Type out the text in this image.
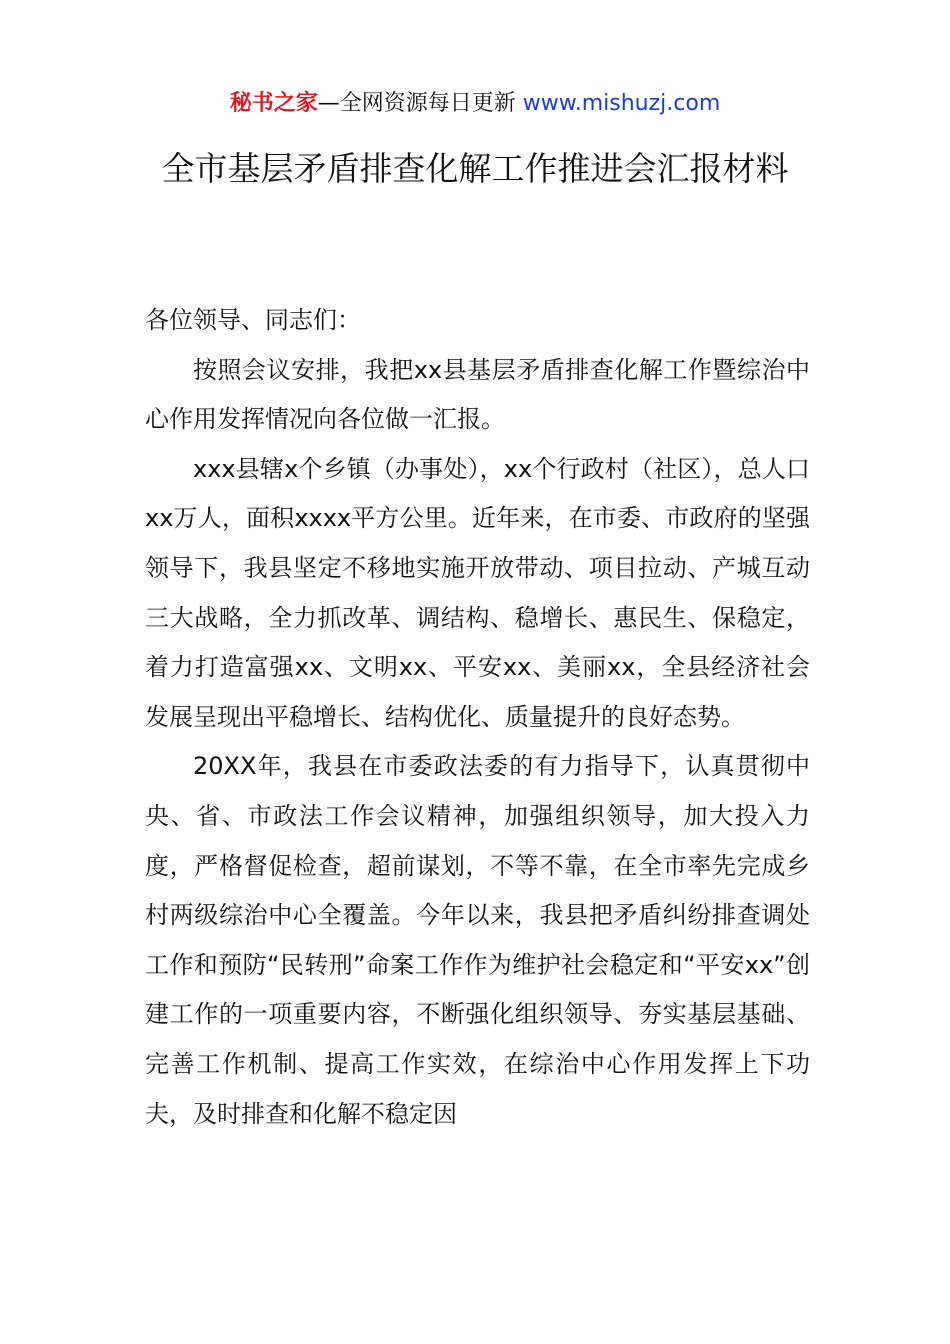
秘书之家—全网资源每日更新 www.mishuzj.com
全市基层矛盾排查化解工作推进会汇报材料

各位领导、同志们：

按照会议安排，我把xx县基层矛盾排查化解工作暨综治中心作用发挥情况向各位做一汇报。

xxx县辖x个乡镇（办事处），xx个行政村（社区），总人口xx万人，面积xxxx平方公里。近年来，在市委、市政府的坚强领导下，我县坚定不移地实施开放带动、项目拉动、产城互动三大战略，全力抓改革、调结构、稳增长、惠民生、保稳定，着力打造富强xx、文明xx、平安xx、美丽xx，全县经济社会发展呈现出平稳增长、结构优化、质量提升的良好态势。

20XX年，我县在市委政法委的有力指导下，认真贯彻中央、省、市政法工作会议精神，加强组织领导，加大投入力度，严格督促检查，超前谋划，不等不靠，在全市率先完成乡村两级综治中心全覆盖。今年以来，我县把矛盾纠纷排查调处工作和预防“民转刑”命案工作作为维护社会稳定和“平安xx”创建工作的一项重要内容，不断强化组织领导、夯实基层基础、完善工作机制、提高工作实效，在综治中心作用发挥上下功夫，及时排查和化解不稳定因
